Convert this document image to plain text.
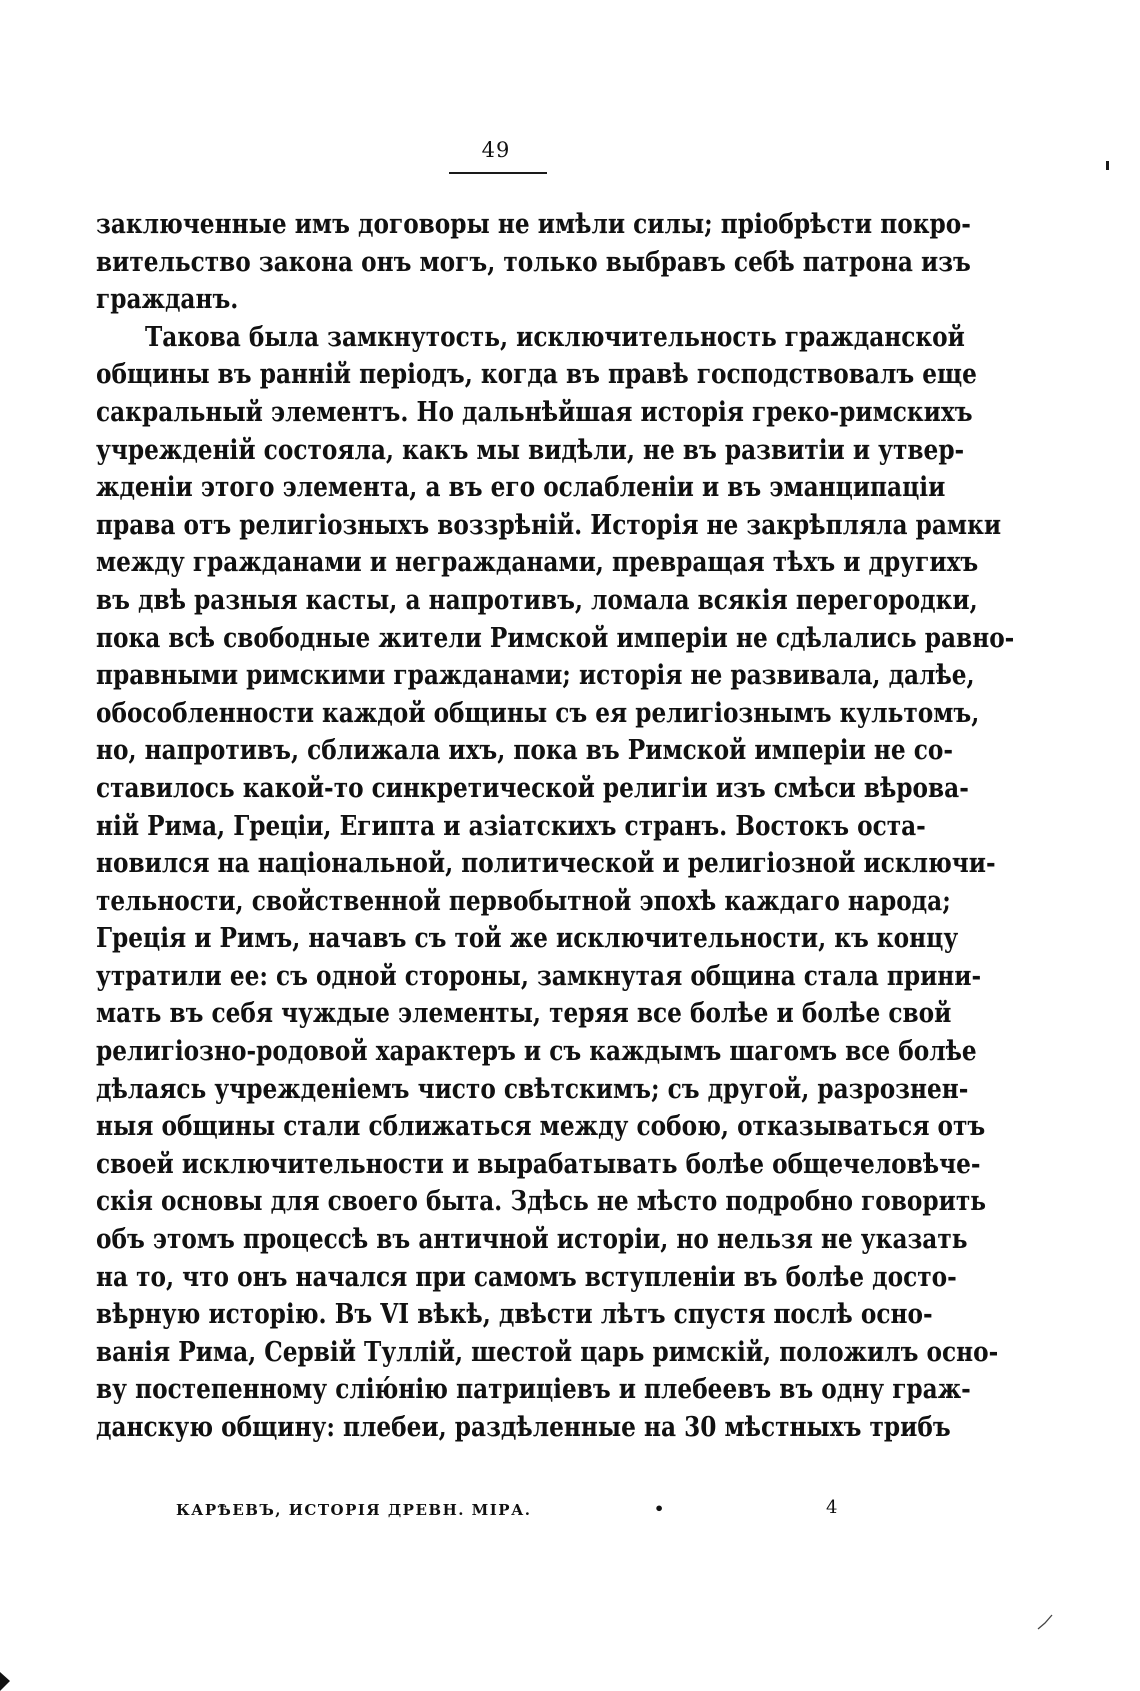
49
заключенные имъ договоры не имѣли силы; пріобрѣсти покро-
вительство закона онъ могъ, только выбравъ себѣ патрона изъ
гражданъ.
Такова была замкнутость, исключительность гражданской
общины въ ранній періодъ, когда въ правѣ господствовалъ еще
сакральный элементъ. Но дальнѣйшая исторія греко-римскихъ
учрежденій состояла, какъ мы видѣли, не въ развитіи и утвер-
жденіи этого элемента, а въ его ослабленіи и въ эманципаціи
права отъ религіозныхъ воззрѣній. Исторія не закрѣпляла рамки
между гражданами и негражданами, превращая тѣхъ и другихъ
въ двѣ разныя касты, а напротивъ, ломала всякія перегородки,
пока всѣ свободные жители Римской имперіи не сдѣлались равно-
правными римскими гражданами; исторія не развивала, далѣе,
обособленности каждой общины съ ея религіознымъ культомъ,
но, напротивъ, сближала ихъ, пока въ Римской имперіи не со-
ставилось какой-то синкретической религіи изъ смѣси вѣрова-
ній Рима, Греціи, Египта и азіатскихъ странъ. Востокъ оста-
новился на національной, политической и религіозной исключи-
тельности, свойственной первобытной эпохѣ каждаго народа;
Греція и Римъ, начавъ съ той же исключительности, къ концу
утратили ее: съ одной стороны, замкнутая община стала прини-
мать въ себя чуждые элементы, теряя все болѣе и болѣе свой
религіозно-родовой характеръ и съ каждымъ шагомъ все болѣе
дѣлаясь учрежденіемъ чисто свѣтскимъ; съ другой, разрознен-
ныя общины стали сближаться между собою, отказываться отъ
своей исключительности и вырабатывать болѣе общечеловѣче-
скія основы для своего быта. Здѣсь не мѣсто подробно говорить
объ этомъ процессѣ въ античной исторіи, но нельзя не указать
на то, что онъ начался при самомъ вступленіи въ болѣе досто-
вѣрную исторію. Въ VI вѣкѣ, двѣсти лѣтъ спустя послѣ осно-
ванія Рима, Сервій Туллій, шестой царь римскій, положилъ осно-
ву постепенному слію́нію патриціевъ и плебеевъ въ одну граж-
данскую общину: плебеи, раздѣленные на 30 мѣстныхъ трибъ
КАРѢЕВЪ, ИСТОРІЯ ДРЕВН. МІРА.	•	4
